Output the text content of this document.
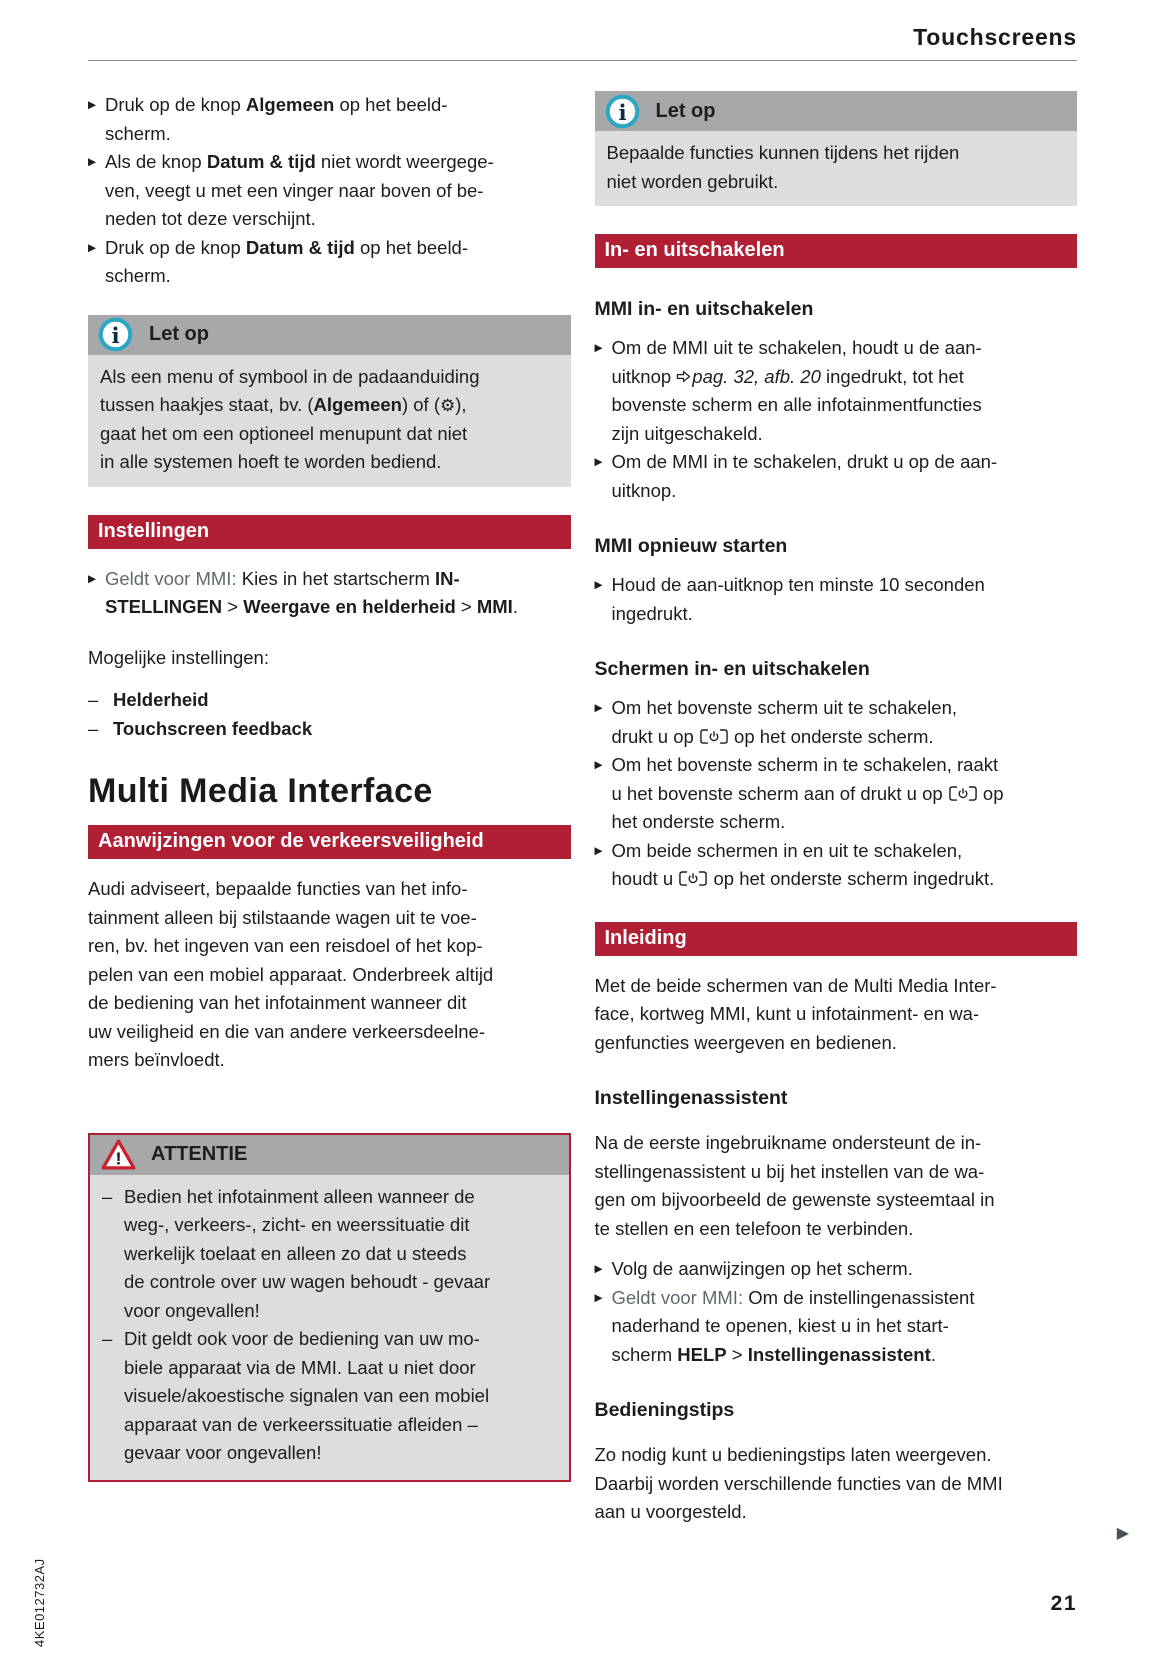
Touchscreens
▶ Druk op de knop Algemeen op het beeld-
scherm.
▶ Als de knop Datum & tijd niet wordt weergege-
ven, veegt u met een vinger naar boven of be-
neden tot deze verschijnt.
▶ Druk op de knop Datum & tijd op het beeld-
scherm.
i Let op
Als een menu of symbool in de padaanduiding
tussen haakjes staat, bv. (Algemeen) of (⚙),
gaat het om een optioneel menupunt dat niet
in alle systemen hoeft te worden bediend.
Instellingen
▶ Geldt voor MMI: Kies in het startscherm IN-
STELLINGEN > Weergave en helderheid > MMI.

Mogelijke instellingen:

– Helderheid
– Touchscreen feedback
Multi Media Interface
Aanwijzingen voor de verkeersveiligheid

Audi adviseert, bepaalde functies van het info-
tainment alleen bij stilstaande wagen uit te voe-
ren, bv. het ingeven van een reisdoel of het kop-
pelen van een mobiel apparaat. Onderbreek altijd
de bediening van het infotainment wanneer dit
uw veiligheid en die van andere verkeersdeelne-
mers beïnvloedt.

! ATTENTIE
– Bedien het infotainment alleen wanneer de
weg-, verkeers-, zicht- en weerssituatie dit
werkelijk toelaat en alleen zo dat u steeds
de controle over uw wagen behoudt - gevaar
voor ongevallen!
– Dit geldt ook voor de bediening van uw mo-
biele apparaat via de MMI. Laat u niet door
visuele/akoestische signalen van een mobiel
apparaat van de verkeerssituatie afleiden –
gevaar voor ongevallen!
i Let op
Bepaalde functies kunnen tijdens het rijden
niet worden gebruikt.
In- en uitschakelen
MMI in- en uitschakelen
▶ Om de MMI uit te schakelen, houdt u de aan-
uitknop pag. 32, afb. 20 ingedrukt, tot het
bovenste scherm en alle infotainmentfuncties
zijn uitgeschakeld.
▶ Om de MMI in te schakelen, drukt u op de aan-
uitknop.
MMI opnieuw starten
▶ Houd de aan-uitknop ten minste 10 seconden
ingedrukt.
Schermen in- en uitschakelen
▶ Om het bovenste scherm uit te schakelen,
drukt u op  op het onderste scherm.
▶ Om het bovenste scherm in te schakelen, raakt
u het bovenste scherm aan of drukt u op  op
het onderste scherm.
▶ Om beide schermen in en uit te schakelen,
houdt u  op het onderste scherm ingedrukt.
Inleiding

Met de beide schermen van de Multi Media Inter-
face, kortweg MMI, kunt u infotainment- en wa-
genfuncties weergeven en bedienen.

Instellingenassistent

Na de eerste ingebruikname ondersteunt de in-
stellingenassistent u bij het instellen van de wa-
gen om bijvoorbeeld de gewenste systeemtaal in
te stellen en een telefoon te verbinden.

▶ Volg de aanwijzingen op het scherm.
▶ Geldt voor MMI: Om de instellingenassistent
naderhand te openen, kiest u in het start-
scherm HELP > Instellingenassistent.
Bedieningstips

Zo nodig kunt u bedieningstips laten weergeven.
Daarbij worden verschillende functies van de MMI
aan u voorgesteld.

▶
21
4KE012732AJ
